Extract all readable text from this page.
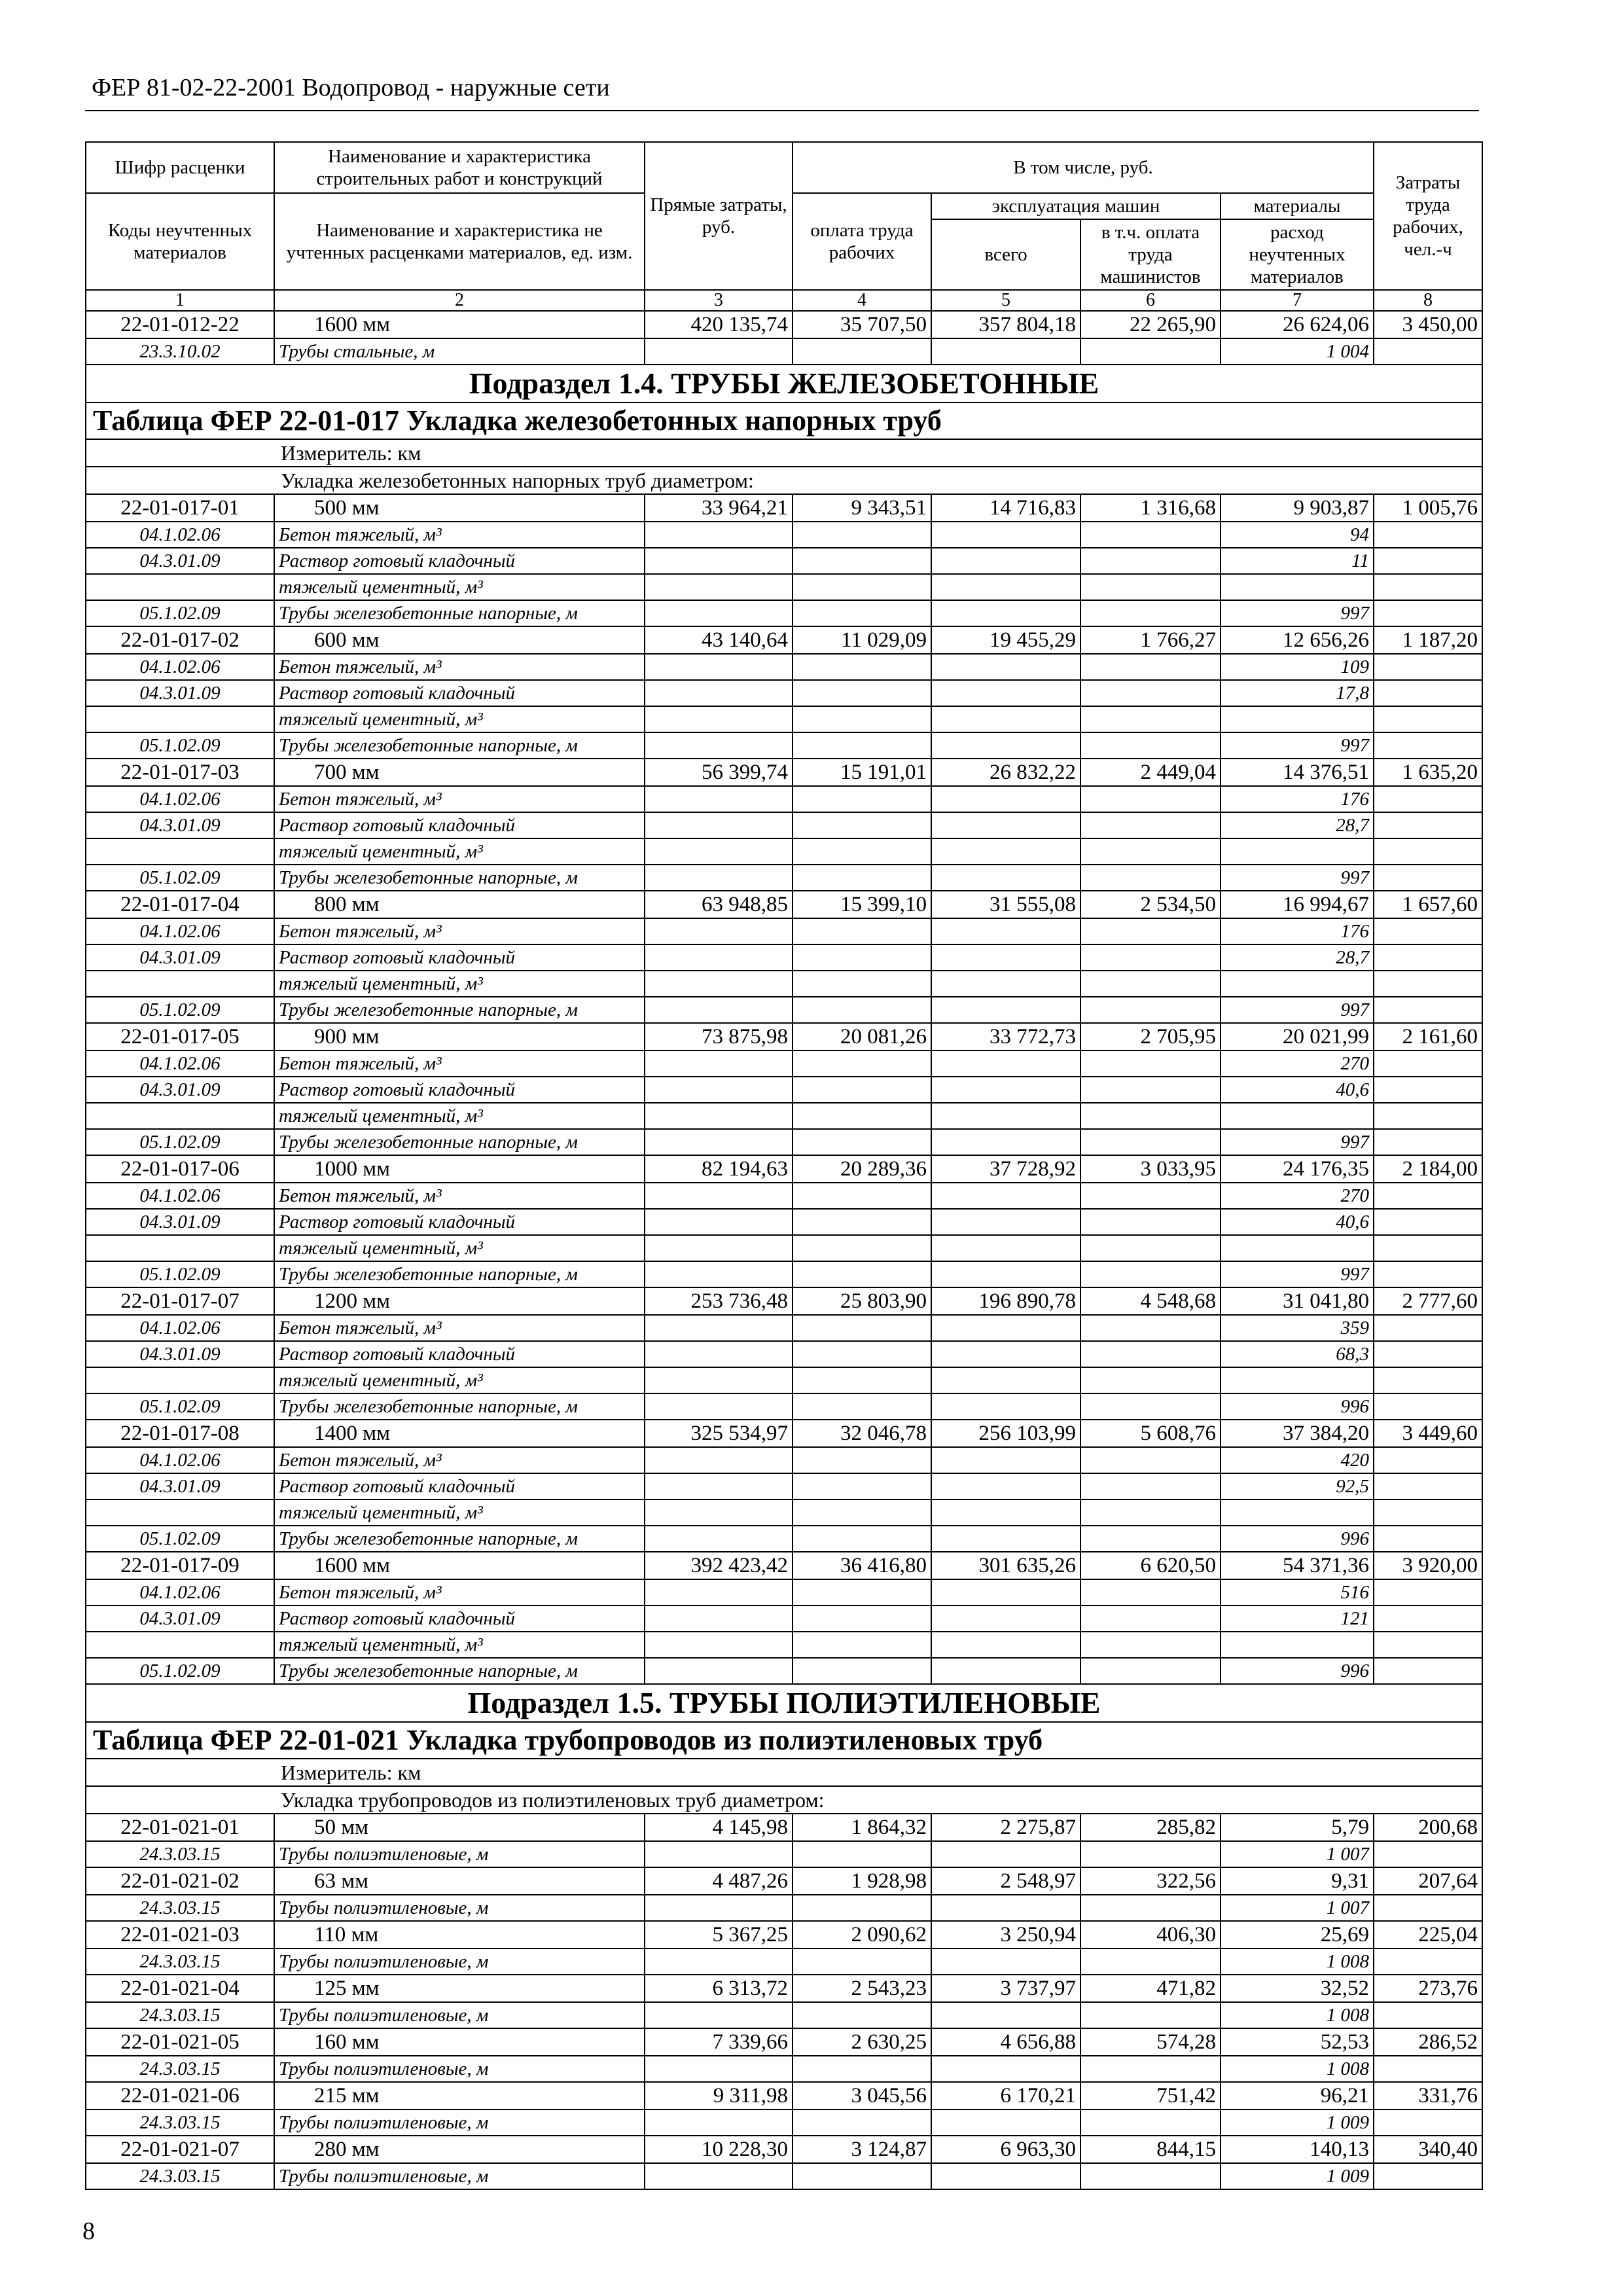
ФЕР 81-02-22-2001 Водопровод - наружные сети
Шифр расценки	Наименование и характеристика строительных работ и конструкций	Прямые затраты, руб.	В том числе, руб.				Затраты труда рабочих, чел.-ч
Коды неучтенных материалов	Наименование и характеристика не учтенных расценками материалов, ед. изм.		оплата труда рабочих	эксплуатация машин		материалы	
				всего	в т.ч. оплата труда машинистов	расход неучтенных материалов	

1	2	3	4	5	6	7	8
22-01-012-22	1600 мм	420 135,74	35 707,50	357 804,18	22 265,90	26 624,06	3 450,00
23.3.10.02	Трубы стальные, м					1 004	
Подраздел 1.4. ТРУБЫ ЖЕЛЕЗОБЕТОННЫЕ							
Таблица ФЕР 22-01-017 Укладка железобетонных напорных труб							
	Измеритель: км						
	Укладка железобетонных напорных труб диаметром:						
22-01-017-01	500 мм	33 964,21	9 343,51	14 716,83	1 316,68	9 903,87	1 005,76
04.1.02.06	Бетон тяжелый, м³					94	
04.3.01.09	Раствор готовый кладочный					11	
	тяжелый цементный, м³						
05.1.02.09	Трубы железобетонные напорные, м					997	
22-01-017-02	600 мм	43 140,64	11 029,09	19 455,29	1 766,27	12 656,26	1 187,20
04.1.02.06	Бетон тяжелый, м³					109	
04.3.01.09	Раствор готовый кладочный					17,8	
	тяжелый цементный, м³						
05.1.02.09	Трубы железобетонные напорные, м					997	
22-01-017-03	700 мм	56 399,74	15 191,01	26 832,22	2 449,04	14 376,51	1 635,20
04.1.02.06	Бетон тяжелый, м³					176	
04.3.01.09	Раствор готовый кладочный					28,7	
	тяжелый цементный, м³						
05.1.02.09	Трубы железобетонные напорные, м					997	
22-01-017-04	800 мм	63 948,85	15 399,10	31 555,08	2 534,50	16 994,67	1 657,60
04.1.02.06	Бетон тяжелый, м³					176	
04.3.01.09	Раствор готовый кладочный					28,7	
	тяжелый цементный, м³						
05.1.02.09	Трубы железобетонные напорные, м					997	
22-01-017-05	900 мм	73 875,98	20 081,26	33 772,73	2 705,95	20 021,99	2 161,60
04.1.02.06	Бетон тяжелый, м³					270	
04.3.01.09	Раствор готовый кладочный					40,6	
	тяжелый цементный, м³						
05.1.02.09	Трубы железобетонные напорные, м					997	
22-01-017-06	1000 мм	82 194,63	20 289,36	37 728,92	3 033,95	24 176,35	2 184,00
04.1.02.06	Бетон тяжелый, м³					270	
04.3.01.09	Раствор готовый кладочный					40,6	
	тяжелый цементный, м³						
05.1.02.09	Трубы железобетонные напорные, м					997	
22-01-017-07	1200 мм	253 736,48	25 803,90	196 890,78	4 548,68	31 041,80	2 777,60
04.1.02.06	Бетон тяжелый, м³					359	
04.3.01.09	Раствор готовый кладочный					68,3	
	тяжелый цементный, м³						
05.1.02.09	Трубы железобетонные напорные, м					996	
22-01-017-08	1400 мм	325 534,97	32 046,78	256 103,99	5 608,76	37 384,20	3 449,60
04.1.02.06	Бетон тяжелый, м³					420	
04.3.01.09	Раствор готовый кладочный					92,5	
	тяжелый цементный, м³						
05.1.02.09	Трубы железобетонные напорные, м					996	
22-01-017-09	1600 мм	392 423,42	36 416,80	301 635,26	6 620,50	54 371,36	3 920,00
04.1.02.06	Бетон тяжелый, м³					516	
04.3.01.09	Раствор готовый кладочный					121	
	тяжелый цементный, м³						
05.1.02.09	Трубы железобетонные напорные, м					996	
Подраздел 1.5. ТРУБЫ ПОЛИЭТИЛЕНОВЫЕ							
Таблица ФЕР 22-01-021 Укладка трубопроводов из полиэтиленовых труб							
	Измеритель: км						
	Укладка трубопроводов из полиэтиленовых труб диаметром:						
22-01-021-01	50 мм	4 145,98	1 864,32	2 275,87	285,82	5,79	200,68
24.3.03.15	Трубы полиэтиленовые, м					1 007	
22-01-021-02	63 мм	4 487,26	1 928,98	2 548,97	322,56	9,31	207,64
24.3.03.15	Трубы полиэтиленовые, м					1 007	
22-01-021-03	110 мм	5 367,25	2 090,62	3 250,94	406,30	25,69	225,04
24.3.03.15	Трубы полиэтиленовые, м					1 008	
22-01-021-04	125 мм	6 313,72	2 543,23	3 737,97	471,82	32,52	273,76
24.3.03.15	Трубы полиэтиленовые, м					1 008	
22-01-021-05	160 мм	7 339,66	2 630,25	4 656,88	574,28	52,53	286,52
24.3.03.15	Трубы полиэтиленовые, м					1 008	
22-01-021-06	215 мм	9 311,98	3 045,56	6 170,21	751,42	96,21	331,76
24.3.03.15	Трубы полиэтиленовые, м					1 009	
22-01-021-07	280 мм	10 228,30	3 124,87	6 963,30	844,15	140,13	340,40
24.3.03.15	Трубы полиэтиленовые, м					1 009	
8
